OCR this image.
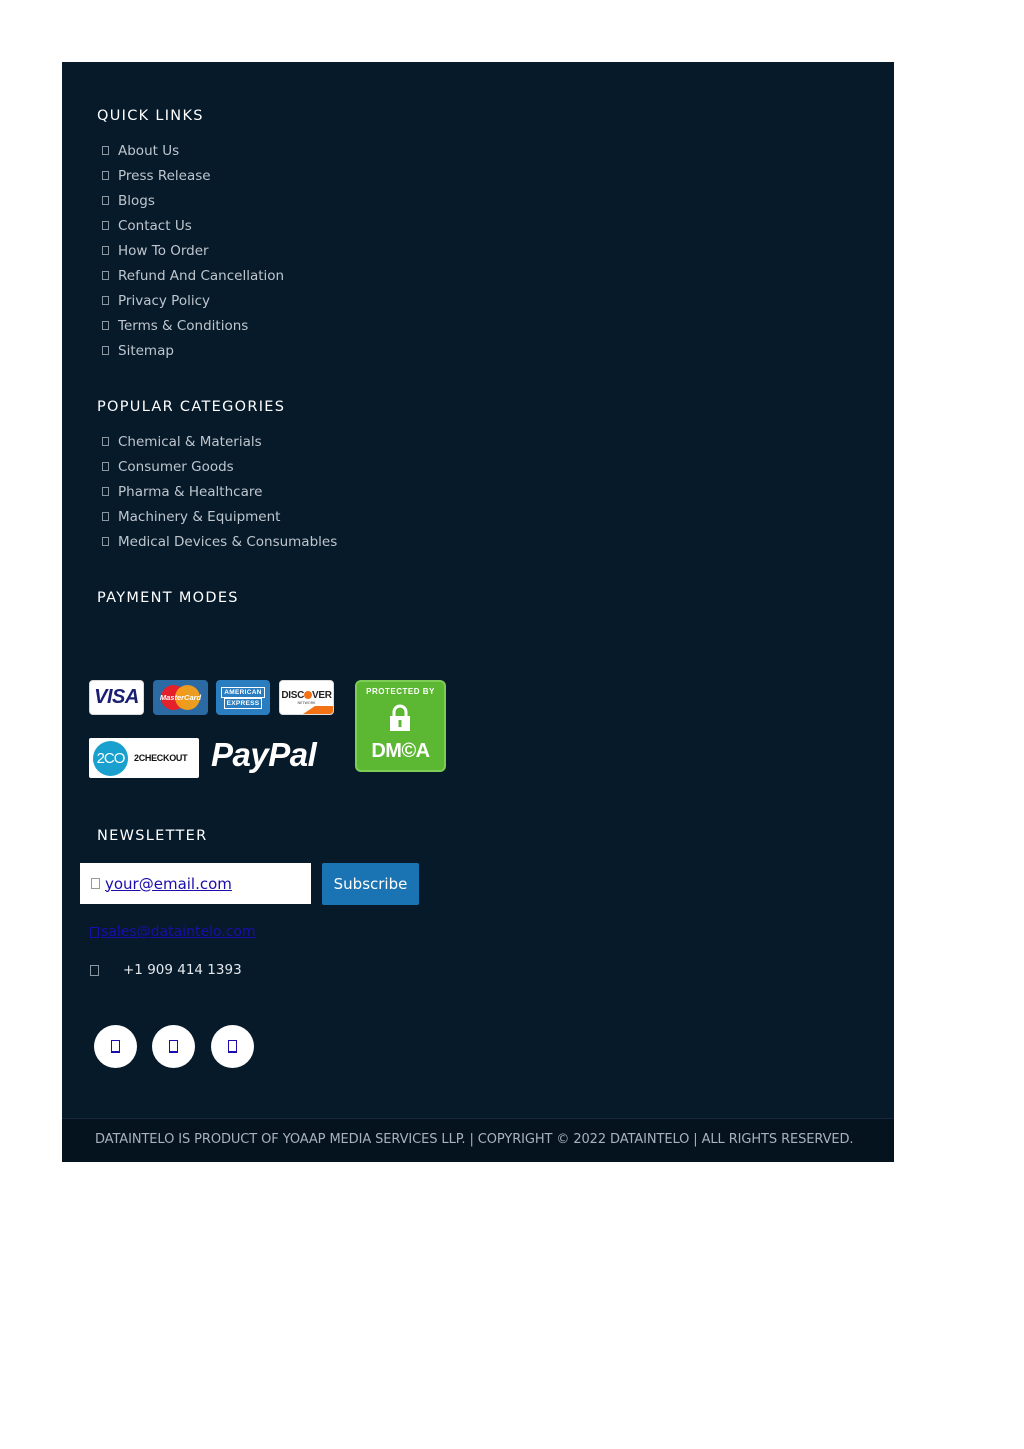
QUICK LINKS
About Us
Press Release
Blogs
Contact Us
How To Order
Refund And Cancellation
Privacy Policy
Terms & Conditions
Sitemap
POPULAR CATEGORIES
Chemical & Materials
Consumer Goods
Pharma & Healthcare
Machinery & Equipment
Medical Devices & Consumables
PAYMENT MODES
VISA	MasterCard
AMERICAN
EXPRESS
DISC VER
NETWORK
2CO	2CHECKOUT PayPal
PROTECTED BY
DM©A
NEWSLETTER
your@email.com	Subscribe
sales@dataintelo.com
+1 909 414 1393
DATAINTELO IS PRODUCT OF YOAAP MEDIA SERVICES LLP. | COPYRIGHT © 2022 DATAINTELO | ALL RIGHTS RESERVED.
